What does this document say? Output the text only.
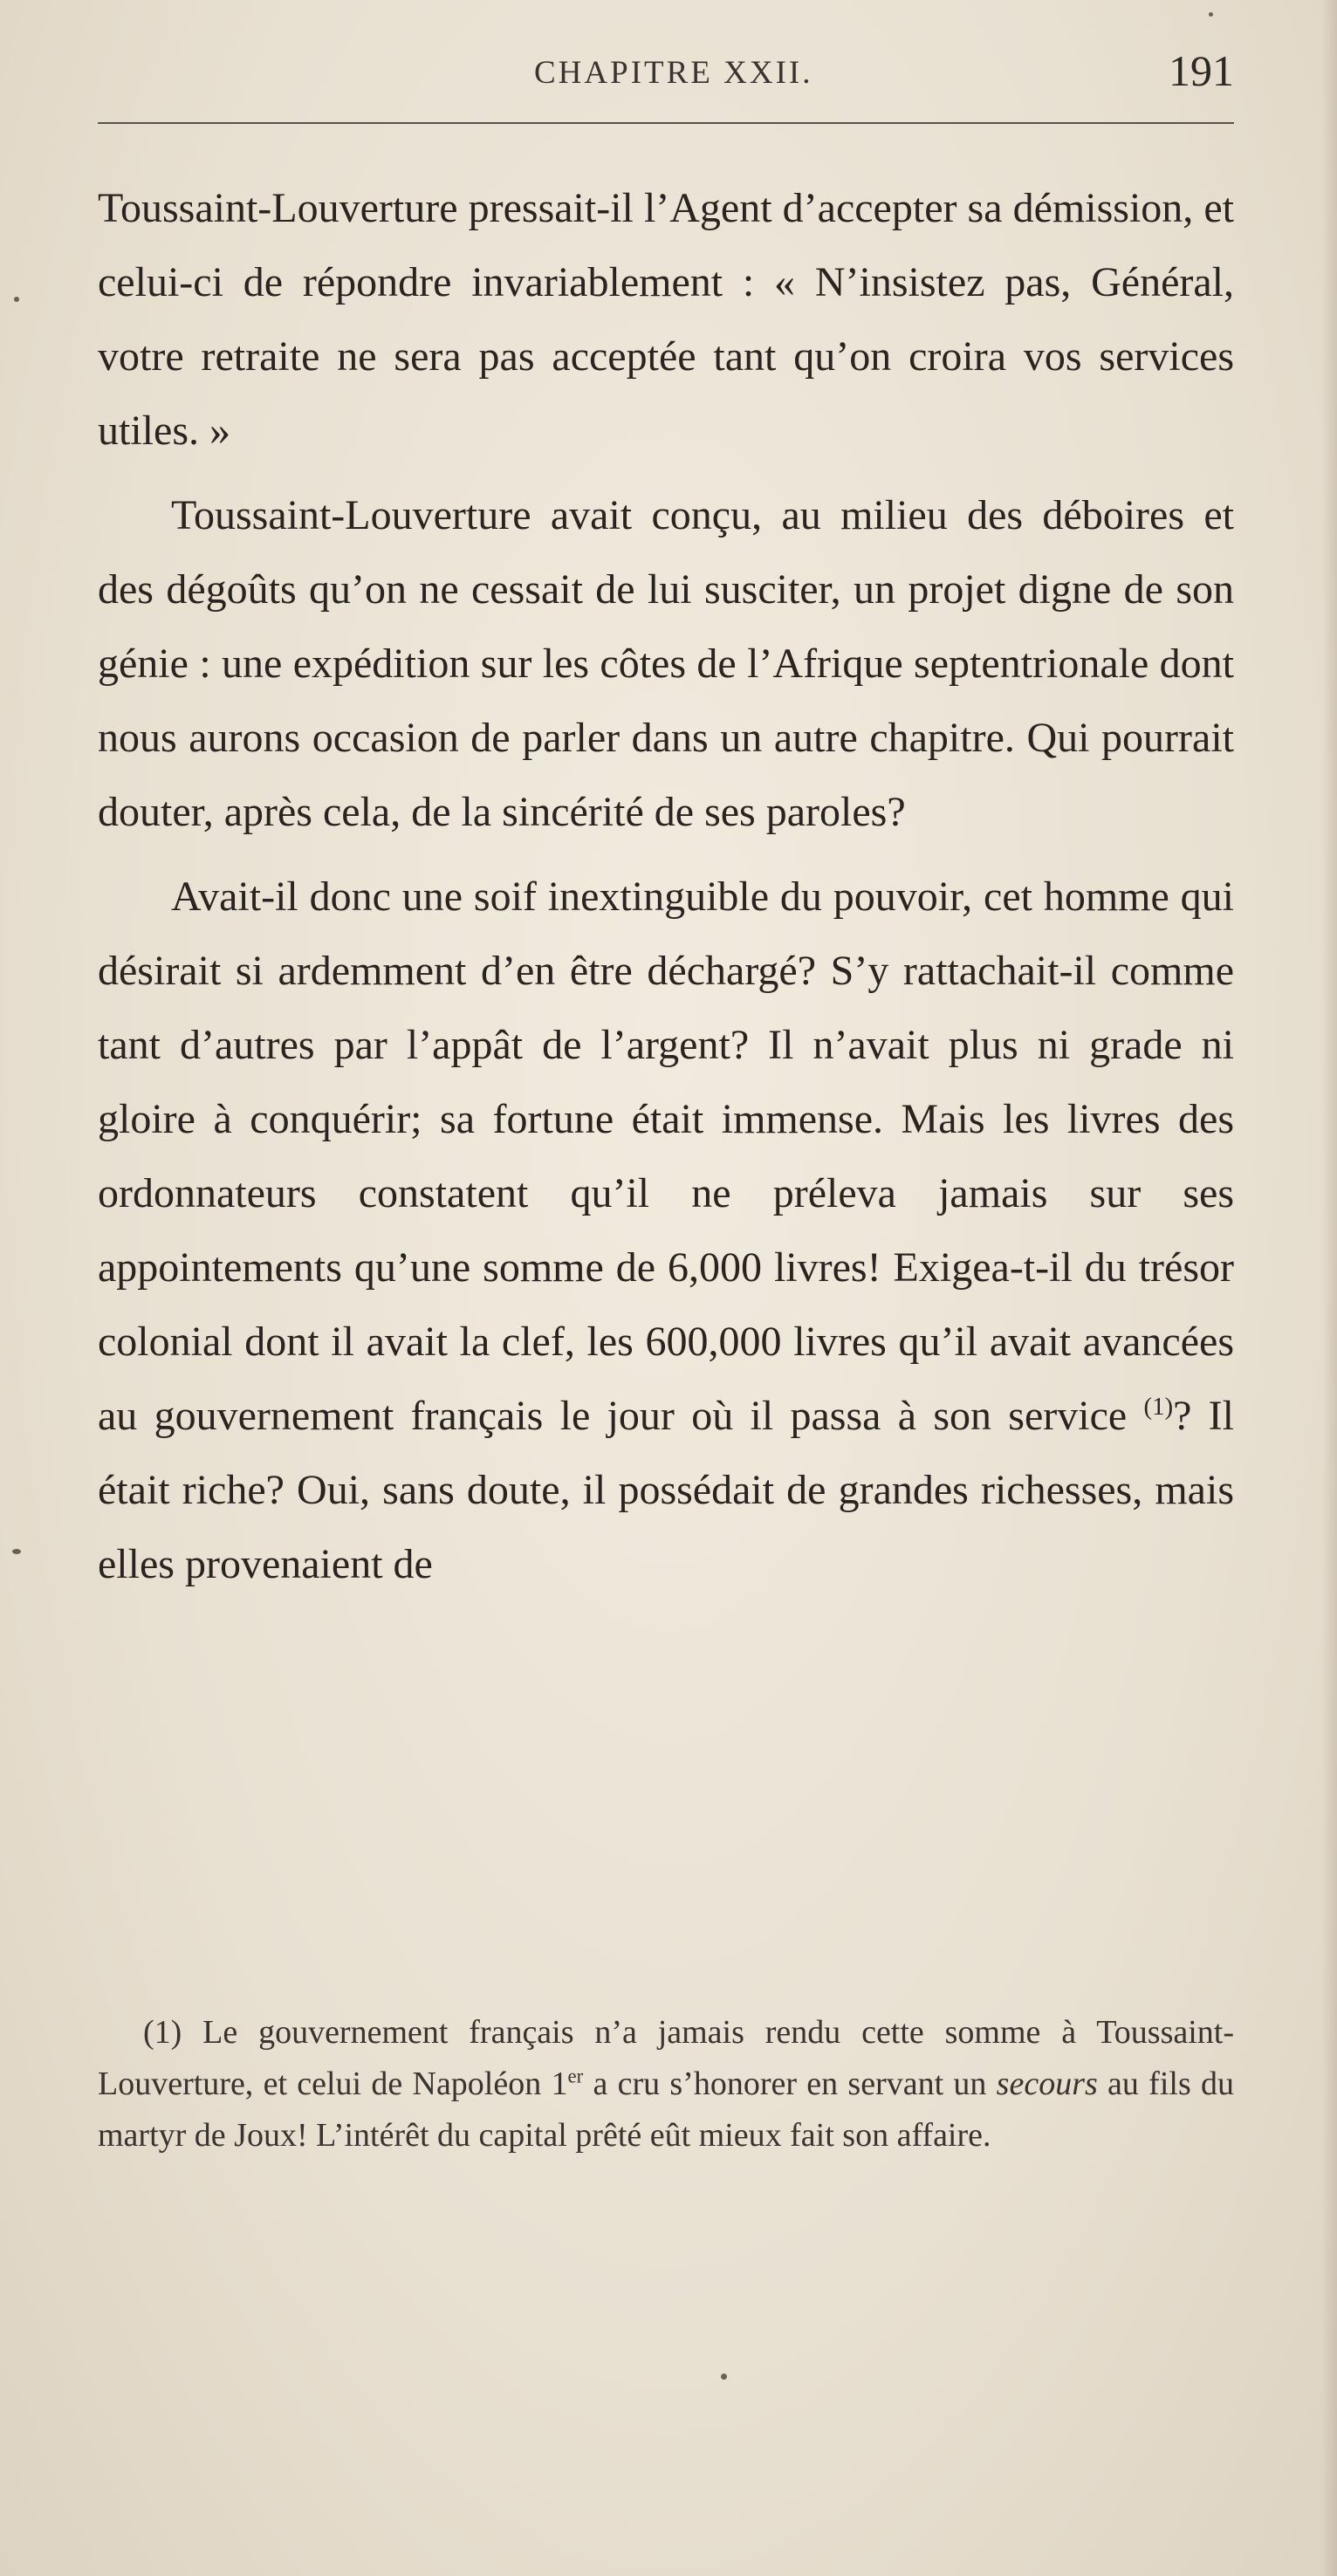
CHAPITRE XXII.	191

Toussaint-Louverture pressait-il l’Agent d’accepter sa démission, et celui-ci de répondre invariablement : « N’insistez pas, Général, votre retraite ne sera pas acceptée tant qu’on croira vos services utiles. »

Toussaint-Louverture avait conçu, au milieu des déboires et des dégoûts qu’on ne cessait de lui susciter, un projet digne de son génie : une expédition sur les côtes de l’Afrique septentrionale dont nous aurons occasion de parler dans un autre chapitre. Qui pourrait douter, après cela, de la sincérité de ses paroles?

Avait-il donc une soif inextinguible du pouvoir, cet homme qui désirait si ardemment d’en être déchargé? S’y rattachait-il comme tant d’autres par l’appât de l’argent? Il n’avait plus ni grade ni gloire à conquérir; sa fortune était immense. Mais les livres des ordonnateurs constatent qu’il ne préleva jamais sur ses appointements qu’une somme de 6,000 livres! Exigea-t-il du trésor colonial dont il avait la clef, les 600,000 livres qu’il avait avancées au gouvernement français le jour où il passa à son service $^{(1)}$? Il était riche? Oui, sans doute, il possédait de grandes richesses, mais elles provenaient de

(1) Le gouvernement français n’a jamais rendu cette somme à Toussaint-Louverture, et celui de Napoléon 1er a cru s’honorer en servant un secours au fils du martyr de Joux! L’intérêt du capital prêté eût mieux fait son affaire.
